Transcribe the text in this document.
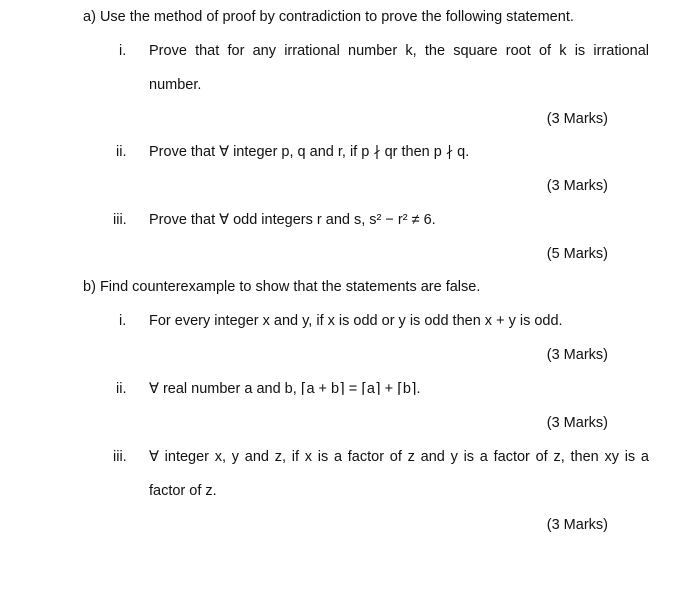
a) Use the method of proof by contradiction to prove the following statement.
i. Prove that for any irrational number k, the square root of k is irrational
number.
(3 Marks)
ii. Prove that ∀ integer p, q and r, if p ∤ qr then p ∤ q.
(3 Marks)
iii. Prove that ∀ odd integers r and s, s² − r² ≠ 6.
(5 Marks)
b) Find counterexample to show that the statements are false.
i. For every integer x and y, if x is odd or y is odd then x + y is odd.
(3 Marks)
ii. ∀ real number a and b, ⌈a + b⌉ = ⌈a⌉ + ⌈b⌉.
(3 Marks)
iii. ∀ integer x, y and z, if x is a factor of z and y is a factor of z, then xy is a
factor of z.
(3 Marks)
